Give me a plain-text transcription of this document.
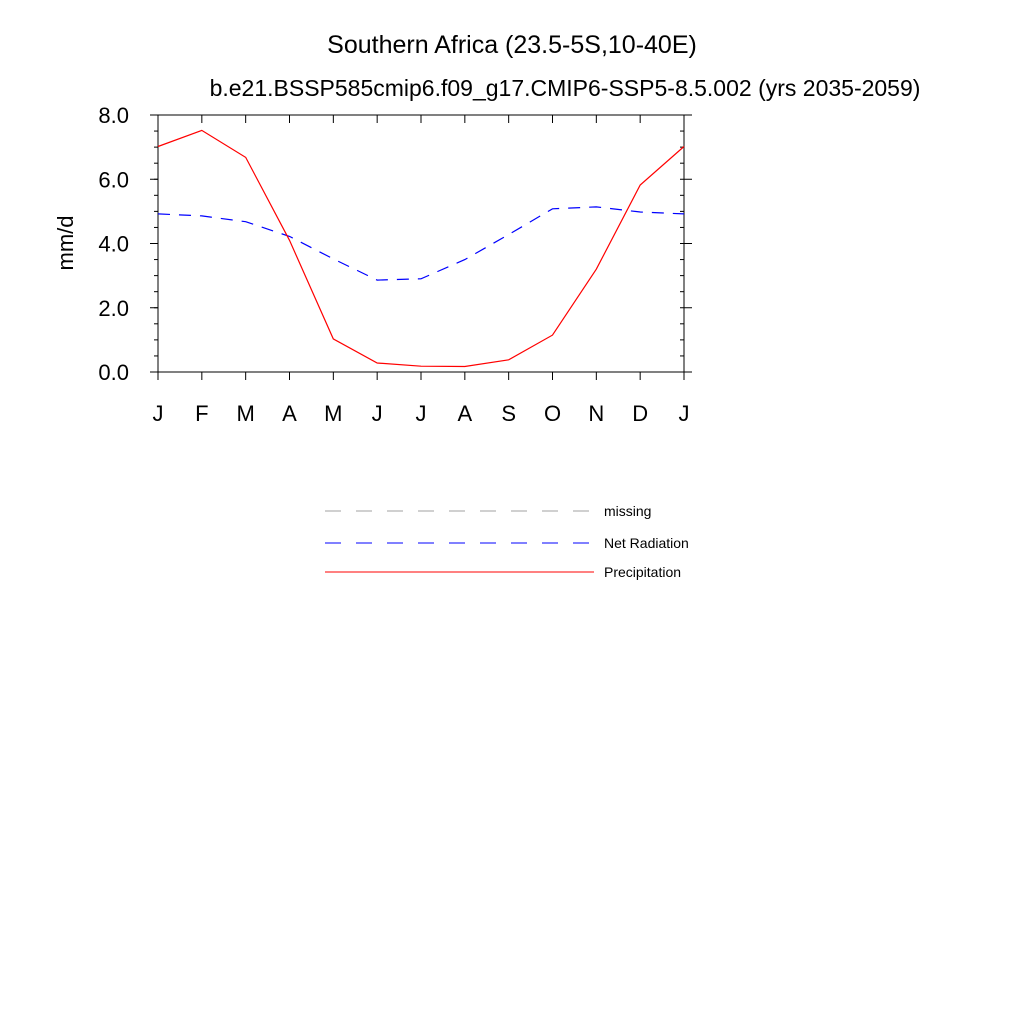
Southern Africa (23.5-5S,10-40E)
b.e21.BSSP585cmip6.f09_g17.CMIP6-SSP5-8.5.002 (yrs 2035-2059)
mm/d
J F M A M J J A S O N D J
0.0
2.0
4.0
6.0
8.0
missing
Net Radiation
Precipitation
